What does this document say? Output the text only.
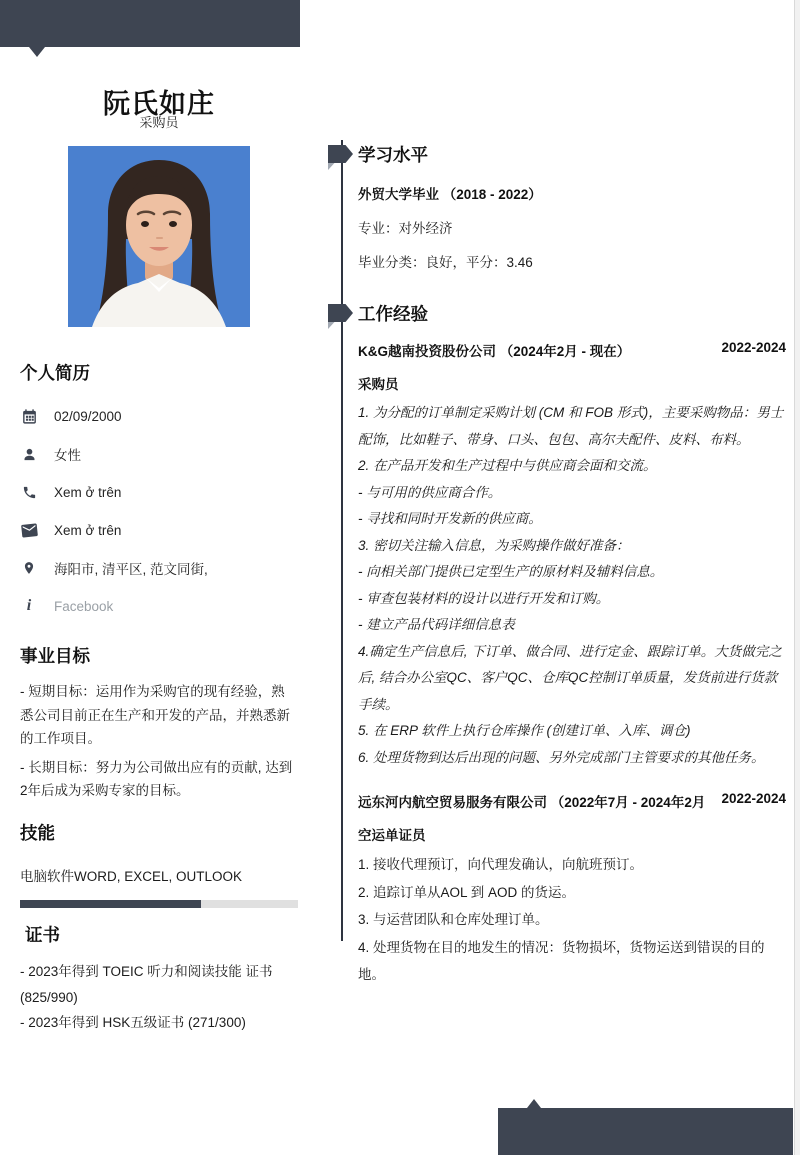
阮氏如庄
采购员
个人简历
02/09/2000
女性
Xem ở trên
Xem ở trên
海阳市, 清平区, 范文同街,
i Facebook
事业目标

- 短期目标：运用作为采购官的现有经验，熟悉公司目前正在生产和开发的产品，并熟悉新的工作项目。

- 长期目标：努力为公司做出应有的贡献, 达到2年后成为采购专家的目标。

技能
电脑软件WORD, EXCEL, OUTLOOK
证书
- 2023年得到 TOEIC 听力和阅读技能 证书 (825/990)
- 2023年得到 HSK五级证书 (271/300)
学习水平
外贸大学毕业 （2018 - 2022）
专业：对外经济
毕业分类：良好，平分：3.46
工作经验
K&G越南投资股份公司 （2024年2月 - 现在）	2022-2024
采购员
1. 为分配的订单制定采购计划 (CM 和 FOB 形式)，主要采购物品：男士配饰，比如鞋子、带身、口头、包包、高尔夫配件、皮料、布料。
2. 在产品开发和生产过程中与供应商会面和交流。
- 与可用的供应商合作。
- 寻找和同时开发新的供应商。
3. 密切关注输入信息，为采购操作做好准备：
- 向相关部门提供已定型生产的原材料及辅料信息。
- 审查包装材料的设计以进行开发和订购。
- 建立产品代码详细信息表
4.确定生产信息后, 下订单、做合同、进行定金、跟踪订单。大货做完之后, 结合办公室QC、客户QC、仓库QC控制订单质量，发货前进行货款手续。
5. 在 ERP 软件上执行仓库操作 (创建订单、入库、调仓)
6. 处理货物到达后出现的问题、另外完成部门主管要求的其他任务。
远东河内航空贸易服务有限公司 （2022年7月 - 2024年2月 2022-2024
空运单证员
1. 接收代理预订，向代理发确认，向航班预订。
2. 追踪订单从AOL 到 AOD 的货运。
3. 与运营团队和仓库处理订单。
4. 处理货物在目的地发生的情况：货物损坏，货物运送到错误的目的地。
